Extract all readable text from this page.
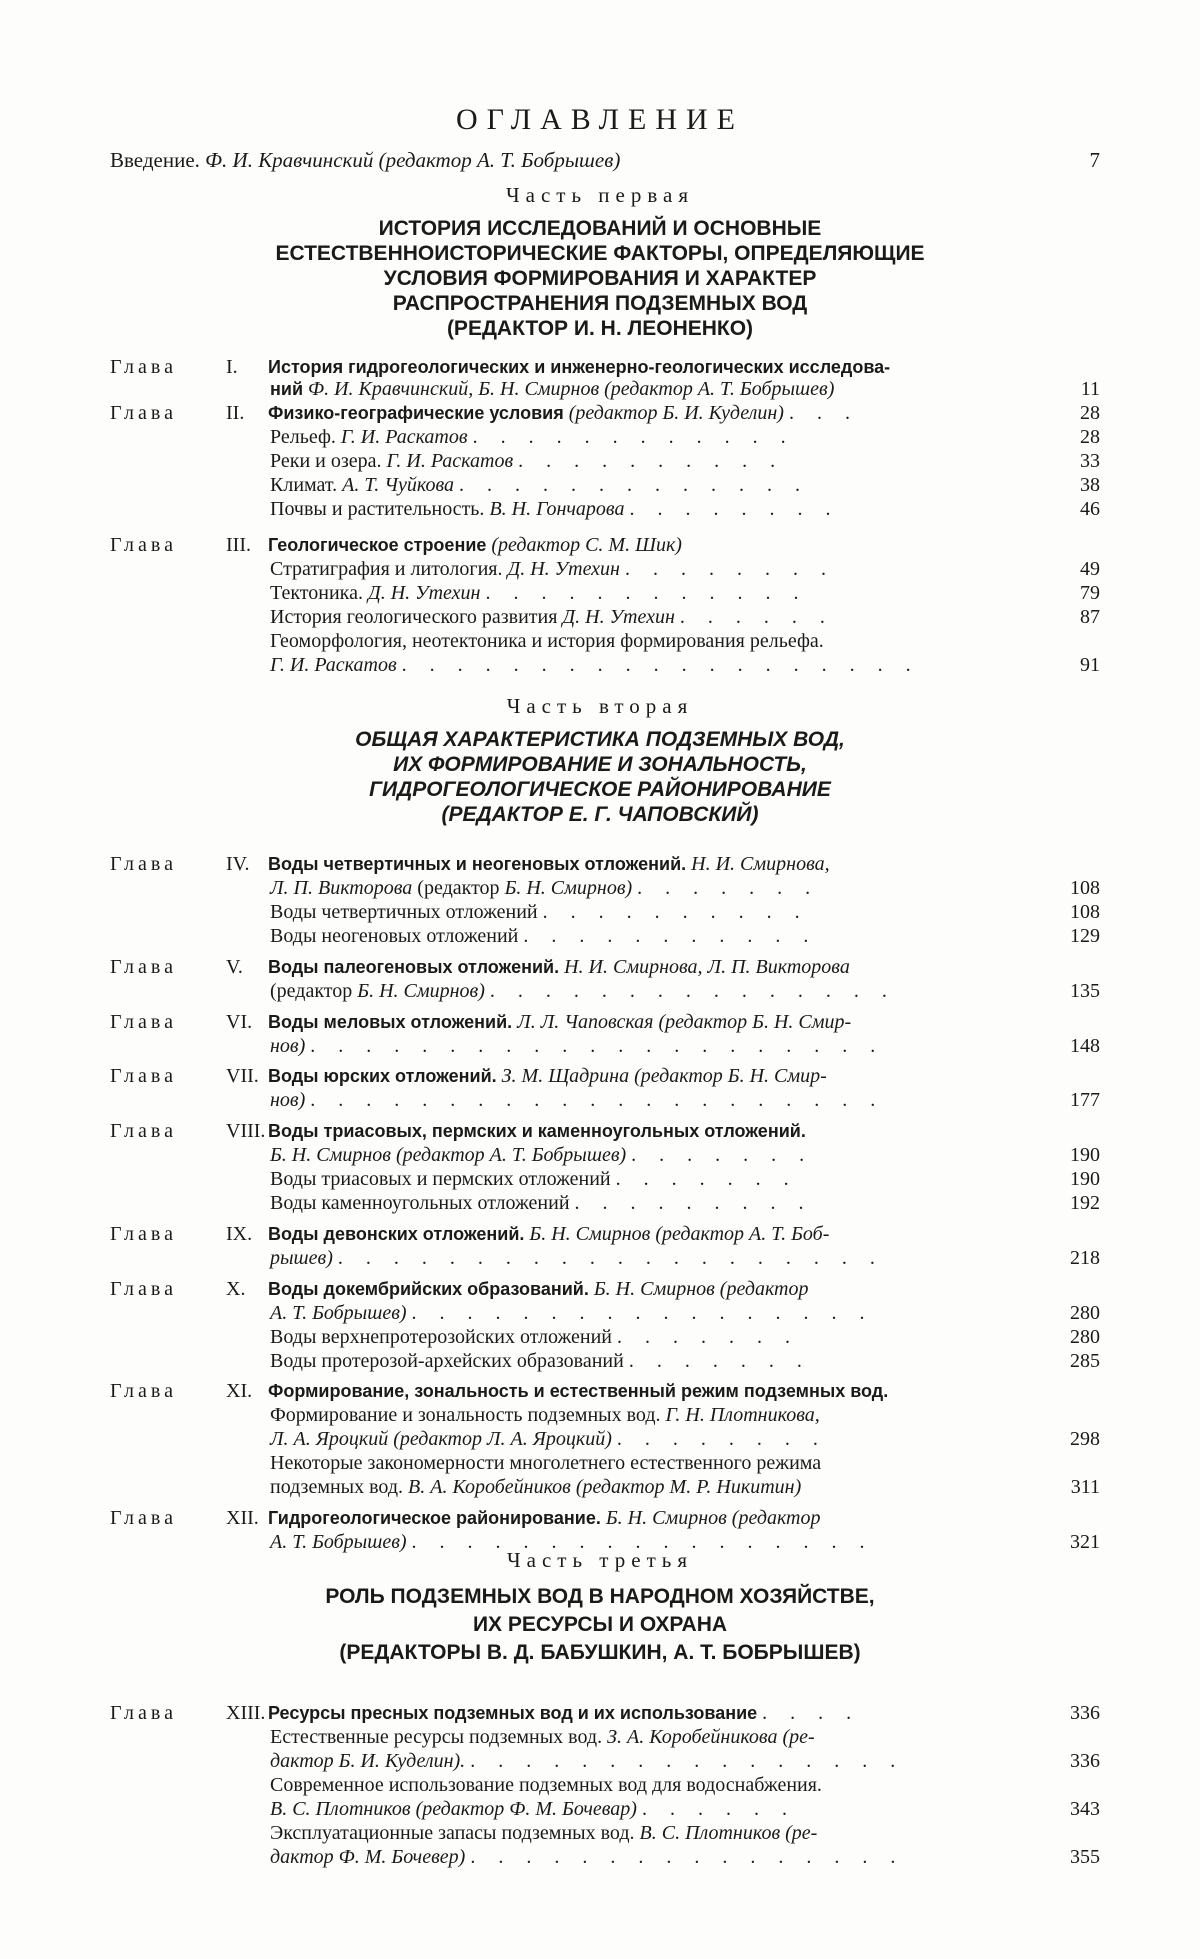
ОГЛАВЛЕНИЕ
Введение. Ф. И. Кравчинский (редактор А. Т. Бобрышев)	7
Часть первая
ИСТОРИЯ ИССЛЕДОВАНИЙ И ОСНОВНЫЕ
ЕСТЕСТВЕННОИСТОРИЧЕСКИЕ ФАКТОРЫ, ОПРЕДЕЛЯЮЩИЕ
УСЛОВИЯ ФОРМИРОВАНИЯ И ХАРАКТЕР
РАСПРОСТРАНЕНИЯ ПОДЗЕМНЫХ ВОД
(РЕДАКТОР И. Н. ЛЕОНЕНКО)
Часть вторая
ОБЩАЯ ХАРАКТЕРИСТИКА ПОДЗЕМНЫХ ВОД,
ИХ ФОРМИРОВАНИЕ И ЗОНАЛЬНОСТЬ,
ГИДРОГЕОЛОГИЧЕСКОЕ РАЙОНИРОВАНИЕ
(РЕДАКТОР Е. Г. ЧАПОВСКИЙ)
Часть третья
РОЛЬ ПОДЗЕМНЫХ ВОД В НАРОДНОМ ХОЗЯЙСТВЕ,
ИХ РЕСУРСЫ И ОХРАНА
(РЕДАКТОРЫ В. Д. БАБУШКИН, А. Т. БОБРЫШЕВ)
Глава I. История гидрогеологических и инженерно-геологических исследова-
ний Ф. И. Кравчинский, Б. Н. Смирнов (редактор А. Т. Бобрышев)	11
Глава II. Физико-географические условия (редактор Б. И. Куделин) . . .	28
Рельеф. Г. И. Раскатов . . . . . . . . . . . .	28
Реки и озера. Г. И. Раскатов . . . . . . . . . .	33
Климат. А. Т. Чуйкова . . . . . . . . . . . . .	38
Почвы и растительность. В. Н. Гончарова . . . . . . . .	46
Глава III. Геологическое строение (редактор С. М. Шик)
Стратиграфия и литология. Д. Н. Утехин . . . . . . . .	49
Тектоника. Д. Н. Утехин . . . . . . . . . . . .	79
История геологического развития Д. Н. Утехин . . . . . .	87
Геоморфология, неотектоника и история формирования рельефа.
Г. И. Раскатов . . . . . . . . . . . . . . . . . . .	91
Глава IV. Воды четвертичных и неогеновых отложений. Н. И. Смирнова,
Л. П. Викторова (редактор Б. Н. Смирнов) . . . . . . .	108
Воды четвертичных отложений . . . . . . . . . .	108
Воды неогеновых отложений . . . . . . . . . . .	129
Глава V. Воды палеогеновых отложений. Н. И. Смирнова, Л. П. Викторова
(редактор Б. Н. Смирнов) . . . . . . . . . . . . . . .	135
Глава VI. Воды меловых отложений. Л. Л. Чаповская (редактор Б. Н. Смир-
нов) . . . . . . . . . . . . . . . . . . . . .	148
Глава VII. Воды юрских отложений. З. М. Щадрина (редактор Б. Н. Смир-
нов) . . . . . . . . . . . . . . . . . . . . .	177
Глава VIII. Воды триасовых, пермских и каменноугольных отложений.
Б. Н. Смирнов (редактор А. Т. Бобрышев) . . . . . . .	190
Воды триасовых и пермских отложений . . . . . . .	190
Воды каменноугольных отложений . . . . . . . . .	192
Глава IX. Воды девонских отложений. Б. Н. Смирнов (редактор А. Т. Боб-
рышев) . . . . . . . . . . . . . . . . . . . .	218
Глава X. Воды докембрийских образований. Б. Н. Смирнов (редактор
А. Т. Бобрышев) . . . . . . . . . . . . . . . . .	280
Воды верхнепротерозойских отложений . . . . . . .	280
Воды протерозой-архейских образований . . . . . . .	285
Глава XI. Формирование, зональность и естественный режим подземных вод.
Формирование и зональность подземных вод. Г. Н. Плотникова,
Л. А. Яроцкий (редактор Л. А. Яроцкий) . . . . . . . .	298
Некоторые закономерности многолетнего естественного режима
подземных вод. В. А. Коробейников (редактор М. Р. Никитин)	311
Глава XII. Гидрогеологическое районирование. Б. Н. Смирнов (редактор
А. Т. Бобрышев) . . . . . . . . . . . . . . . . .	321
Глава XIII. Ресурсы пресных подземных вод и их использование . . . .	336
Естественные ресурсы подземных вод. З. А. Коробейникова (ре-
дактор Б. И. Куделин). . . . . . . . . . . . . . . . .	336
Современное использование подземных вод для водоснабжения.
В. С. Плотников (редактор Ф. М. Бочевар) . . . . . .	343
Эксплуатационные запасы подземных вод. В. С. Плотников (ре-
дактор Ф. М. Бочевер) . . . . . . . . . . . . . . . .	355
